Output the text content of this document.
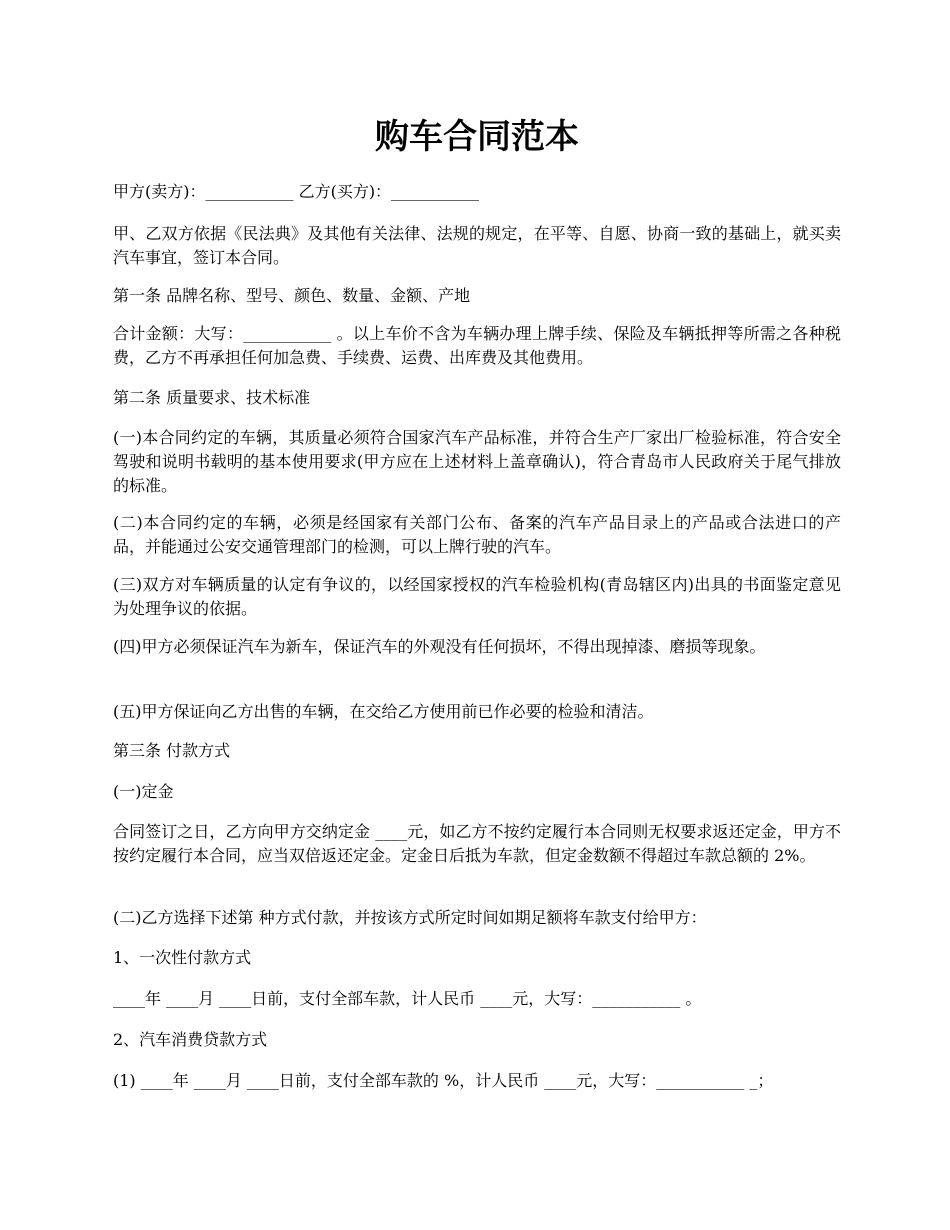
购车合同范本

甲方(卖方)：___________ 乙方(买方)：___________

甲、乙双方依据《民法典》及其他有关法律、法规的规定，在平等、自愿、协商一致的基础上，就买卖汽车事宜，签订本合同。

第一条 品牌名称、型号、颜色、数量、金额、产地

合计金额：大写：___________ 。以上车价不含为车辆办理上牌手续、保险及车辆抵押等所需之各种税费，乙方不再承担任何加急费、手续费、运费、出库费及其他费用。

第二条 质量要求、技术标准

(一)本合同约定的车辆，其质量必须符合国家汽车产品标准，并符合生产厂家出厂检验标准，符合安全驾驶和说明书载明的基本使用要求(甲方应在上述材料上盖章确认)，符合青岛市人民政府关于尾气排放的标准。

(二)本合同约定的车辆，必须是经国家有关部门公布、备案的汽车产品目录上的产品或合法进口的产品，并能通过公安交通管理部门的检测，可以上牌行驶的汽车。

(三)双方对车辆质量的认定有争议的，以经国家授权的汽车检验机构(青岛辖区内)出具的书面鉴定意见为处理争议的依据。

(四)甲方必须保证汽车为新车，保证汽车的外观没有任何损坏，不得出现掉漆、磨损等现象。

(五)甲方保证向乙方出售的车辆，在交给乙方使用前已作必要的检验和清洁。

第三条 付款方式

(一)定金

合同签订之日，乙方向甲方交纳定金 ____元，如乙方不按约定履行本合同则无权要求返还定金，甲方不按约定履行本合同，应当双倍返还定金。定金日后抵为车款，但定金数额不得超过车款总额的 2%。

(二)乙方选择下述第 种方式付款，并按该方式所定时间如期足额将车款支付给甲方：

1、一次性付款方式

____年 ____月 ____日前，支付全部车款，计人民币 ____元，大写：___________ 。

2、汽车消费贷款方式

(1) ____年 ____月 ____日前，支付全部车款的 %，计人民币 ____元，大写：___________ _；
